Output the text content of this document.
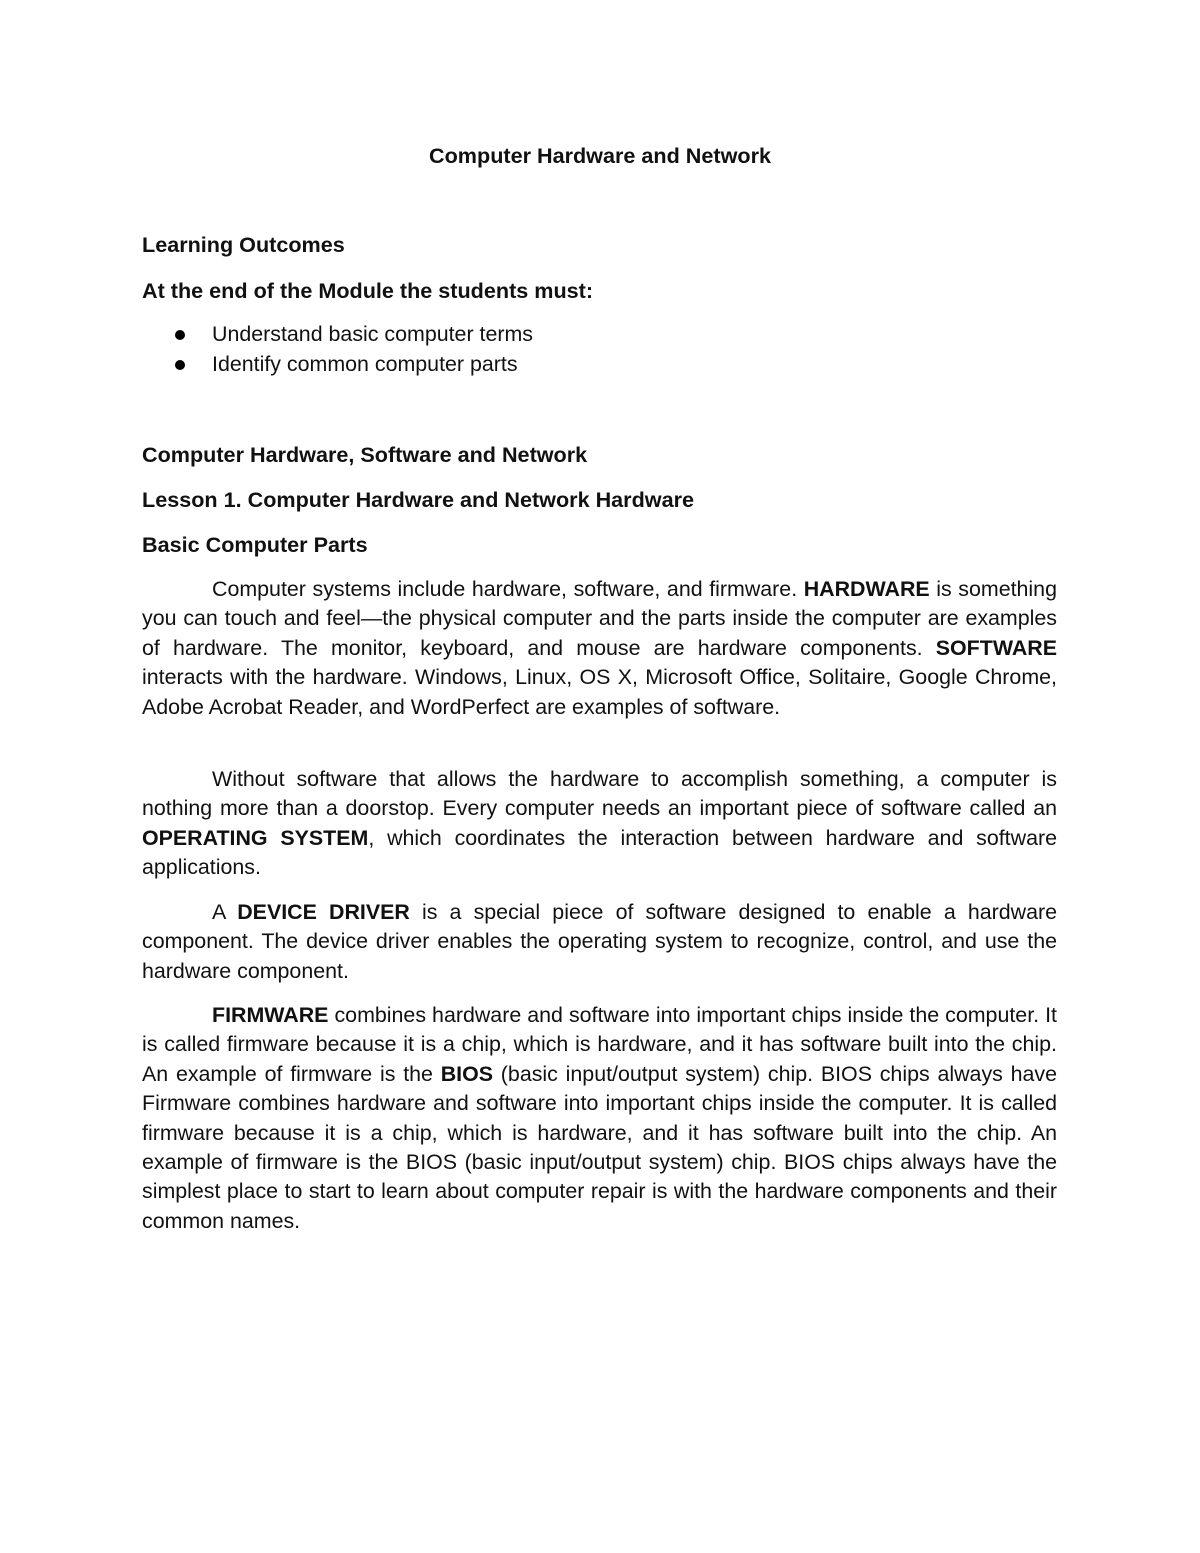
Computer Hardware and Network
Learning Outcomes
At the end of the Module the students must:
Understand basic computer terms
Identify common computer parts
Computer Hardware, Software and Network
Lesson 1. Computer Hardware and Network Hardware
Basic Computer Parts

Computer systems include hardware, software, and firmware. HARDWARE is something you can touch and feel—the physical computer and the parts inside the computer are examples of hardware. The monitor, keyboard, and mouse are hardware components. SOFTWARE interacts with the hardware. Windows, Linux, OS X, Microsoft Office, Solitaire, Google Chrome, Adobe Acrobat Reader, and WordPerfect are examples of software.

Without software that allows the hardware to accomplish something, a computer is nothing more than a doorstop. Every computer needs an important piece of software called an OPERATING SYSTEM, which coordinates the interaction between hardware and software applications.

A DEVICE DRIVER is a special piece of software designed to enable a hardware component. The device driver enables the operating system to recognize, control, and use the hardware component.

FIRMWARE combines hardware and software into important chips inside the computer. It is called firmware because it is a chip, which is hardware, and it has software built into the chip. An example of firmware is the BIOS (basic input/output system) chip. BIOS chips always have Firmware combines hardware and software into important chips inside the computer. It is called firmware because it is a chip, which is hardware, and it has software built into the chip. An example of firmware is the BIOS (basic input/output system) chip. BIOS chips always have the simplest place to start to learn about computer repair is with the hardware components and their common names.
